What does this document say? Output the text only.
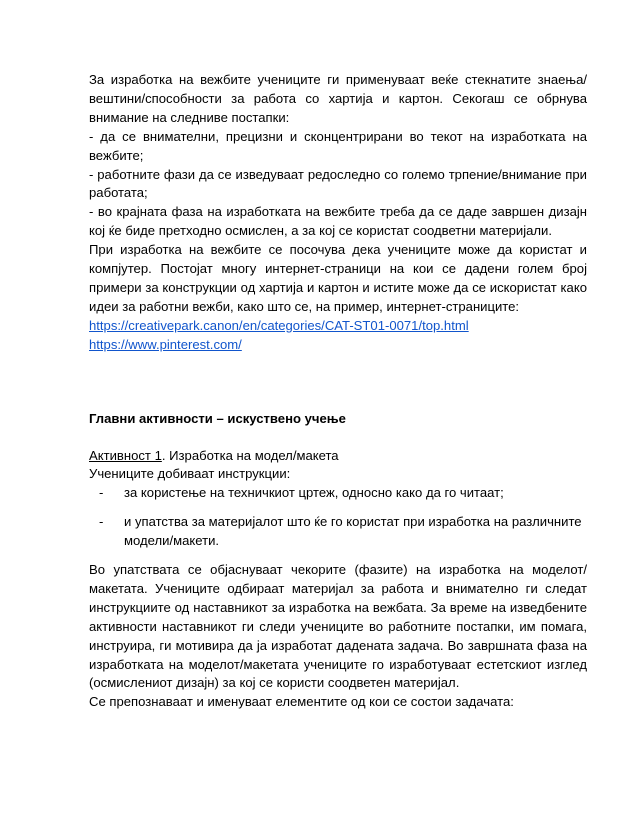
За изработка на вежбите учениците ги применуваат веќе стекнатите знаења/ вештини/способности за работа со хартија и картон. Секогаш се обрнува внимание на следниве постапки:

- да се внимателни, прецизни и сконцентрирани во текот на изработката на вежбите;

- работните фази да се изведуваат редоследно со големо трпение/внимание при работата;

- во крајната фаза на изработката на вежбите треба да се даде завршен дизајн кој ќе биде претходно осмислен, а за кој се користат соодветни материјали.

При изработка на вежбите се посочува дека учениците може да користат и компјутер. Постојат многу интернет-страници на кои се дадени голем број примери за конструкции од хартија и картон и истите може да се искористат како идеи за работни вежби, како што се, на пример, интернет-страниците:

https://creativepark.canon/en/categories/CAT-ST01-0071/top.html
https://www.pinterest.com/

Главни активности – искуствено учење

Активност 1. Изработка на модел/макета

Учениците добиваат инструкции:

- за користење на техничкиот цртеж, односно како да го читаат;
- и упатства за материјалот што ќе го користат при изработка на различните модели/макети.

Во упатствата се објаснуваат чекорите (фазите) на изработка на моделот/макетата. Учениците одбираат материјал за работа и внимателно ги следат инструкциите од наставникот за изработка на вежбата. За време на изведбените активности наставникот ги следи учениците во работните постапки, им помага, инструира, ги мотивира да ја изработат дадената задача. Во завршната фаза на изработката на моделот/макетата учениците го изработуваат естетскиот изглед (осмислениот дизајн) за кој се користи соодветен материјал.

Се препознаваат и именуваат елементите од кои се состои задачата:
